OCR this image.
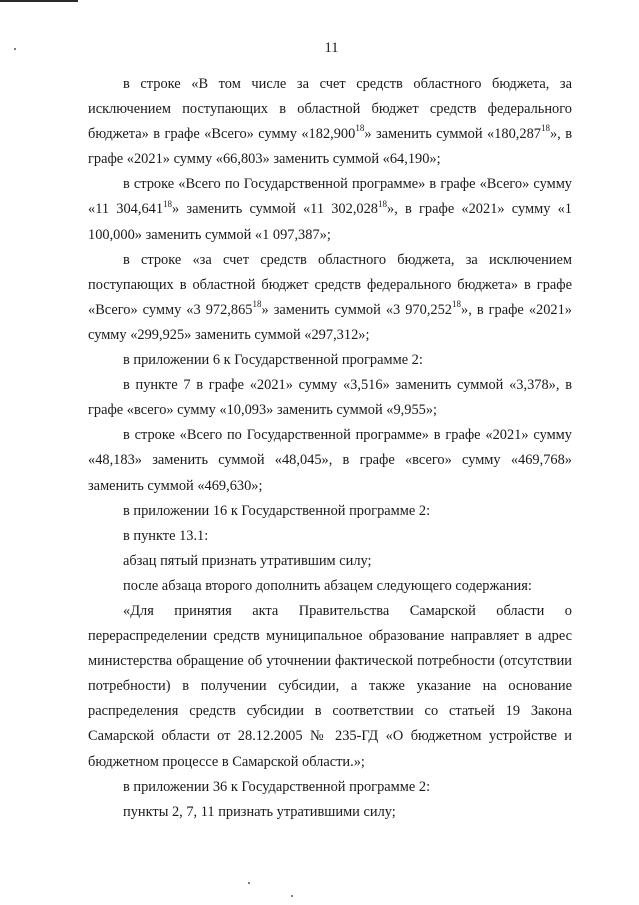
11

в строке «В том числе за счет средств областного бюджета, за исключением поступающих в областной бюджет средств федерального бюджета» в графе «Всего» сумму «182,900$^{18}$» заменить суммой «180,287$^{18}$», в графе «2021» сумму «66,803» заменить суммой «64,190»;

в строке «Всего по Государственной программе» в графе «Всего» сумму «11 304,641$^{18}$» заменить суммой «11 302,028$^{18}$», в графе «2021» сумму «1 100,000» заменить суммой «1 097,387»;

в строке «за счет средств областного бюджета, за исключением поступающих в областной бюджет средств федерального бюджета» в графе «Всего» сумму «3 972,865$^{18}$» заменить суммой «3 970,252$^{18}$», в графе «2021» сумму «299,925» заменить суммой «297,312»;

в приложении 6 к Государственной программе 2:

в пункте 7 в графе «2021» сумму «3,516» заменить суммой «3,378», в графе «всего» сумму «10,093» заменить суммой «9,955»;

в строке «Всего по Государственной программе» в графе «2021» сумму «48,183» заменить суммой «48,045», в графе «всего» сумму «469,768» заменить суммой «469,630»;

в приложении 16 к Государственной программе 2:

в пункте 13.1:

абзац пятый признать утратившим силу;

после абзаца второго дополнить абзацем следующего содержания:

«Для принятия акта Правительства Самарской области о перераспределении средств муниципальное образование направляет в адрес министерства обращение об уточнении фактической потребности (отсутствии потребности) в получении субсидии, а также указание на основание распределения средств субсидии в соответствии со статьей 19 Закона Самарской области от 28.12.2005 № 235-ГД «О бюджетном устройстве и бюджетном процессе в Самарской области.»;

в приложении 36 к Государственной программе 2:

пункты 2, 7, 11 признать утратившими силу;
